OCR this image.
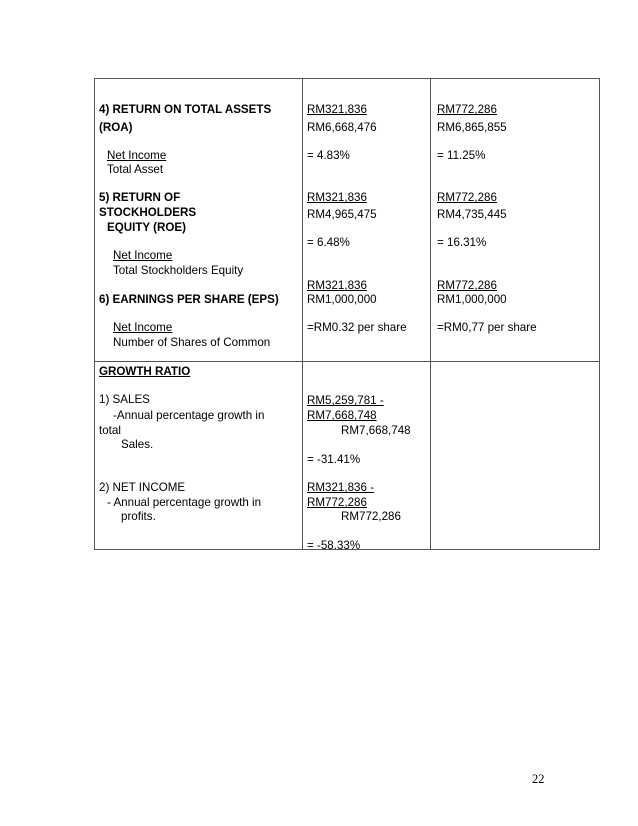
4) RETURN ON TOTAL ASSETS
(ROA)
Net Income
Total Asset
RM321,836
RM6,668,476
= 4.83%
RM772,286
RM6,865,855
= 11.25%
5) RETURN OF
STOCKHOLDERS
EQUITY (ROE)
Net Income
Total Stockholders Equity
RM321,836
RM4,965,475
= 6.48%
RM772,286
RM4,735,445
= 16.31%
6) EARNINGS PER SHARE (EPS)
Net Income
Number of Shares of Common
RM321,836
RM1,000,000
=RM0.32 per share
RM772,286
RM1,000,000
=RM0,77 per share
GROWTH RATIO
1) SALES
-Annual percentage growth in
total
Sales.
RM5,259,781 -
RM7,668,748
RM7,668,748
= -31.41%
2) NET INCOME
- Annual percentage growth in
profits.
RM321,836 -
RM772,286
RM772,286
= -58.33%
22
